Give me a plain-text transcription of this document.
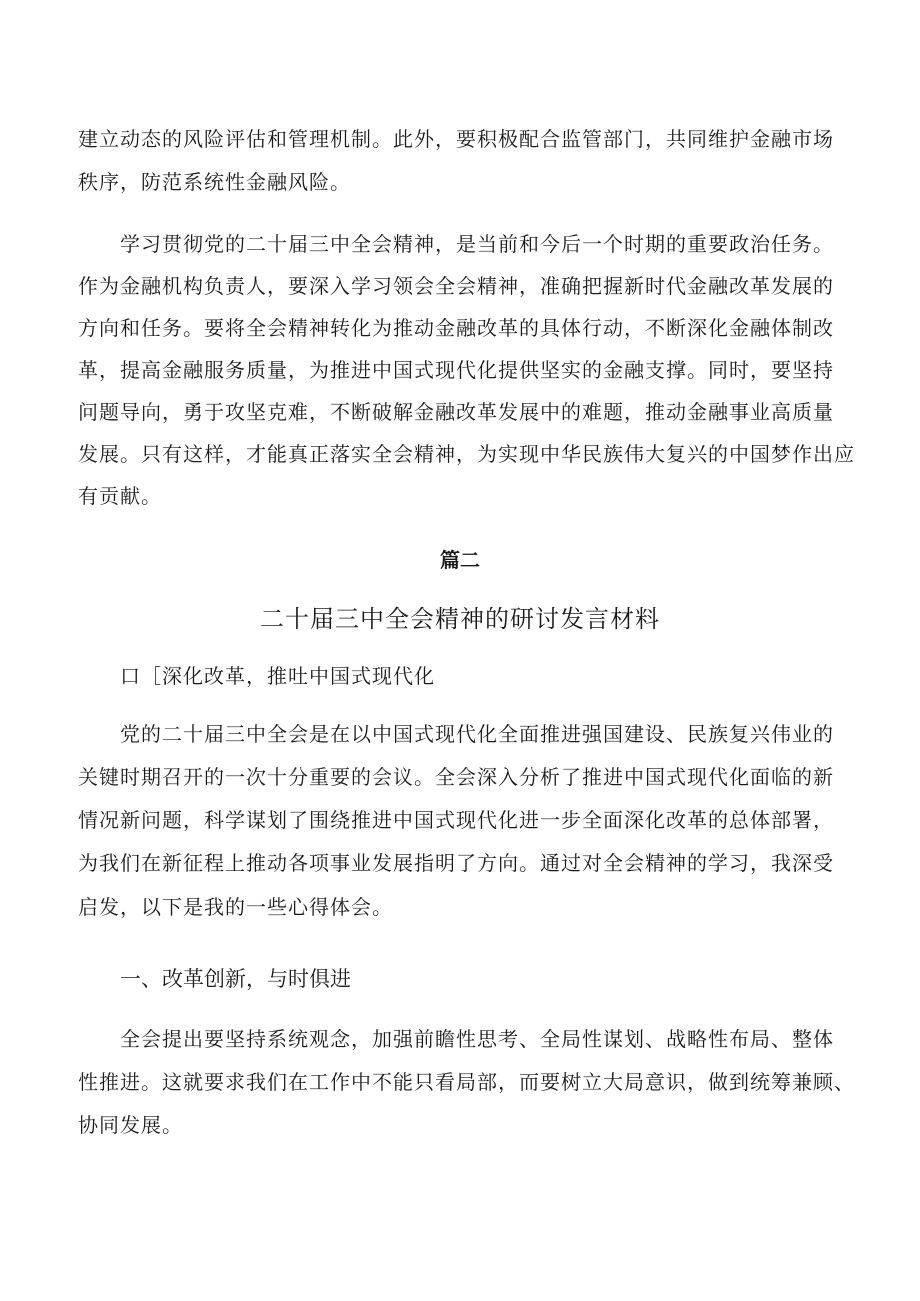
建立动态的风险评估和管理机制。此外，要积极配合监管部门，共同维护金融市场
秩序，防范系统性金融风险。
学习贯彻党的二十届三中全会精神，是当前和今后一个时期的重要政治任务。
作为金融机构负责人，要深入学习领会全会精神，准确把握新时代金融改革发展的
方向和任务。要将全会精神转化为推动金融改革的具体行动，不断深化金融体制改
革，提高金融服务质量，为推进中国式现代化提供坚实的金融支撑。同时，要坚持
问题导向，勇于攻坚克难，不断破解金融改革发展中的难题，推动金融事业高质量
发展。只有这样，才能真正落实全会精神，为实现中华民族伟大复兴的中国梦作出应
有贡献。
篇二
二十届三中全会精神的研讨发言材料
口［深化改革，推吐中国式现代化
党的二十届三中全会是在以中国式现代化全面推进强国建设、民族复兴伟业的
关键时期召开的一次十分重要的会议。全会深入分析了推进中国式现代化面临的新
情况新问题，科学谋划了围绕推进中国式现代化进一步全面深化改革的总体部署，
为我们在新征程上推动各项事业发展指明了方向。通过对全会精神的学习，我深受
启发，以下是我的一些心得体会。
一、改革创新，与时俱进
全会提出要坚持系统观念，加强前瞻性思考、全局性谋划、战略性布局、整体
性推进。这就要求我们在工作中不能只看局部，而要树立大局意识，做到统筹兼顾、
协同发展。
